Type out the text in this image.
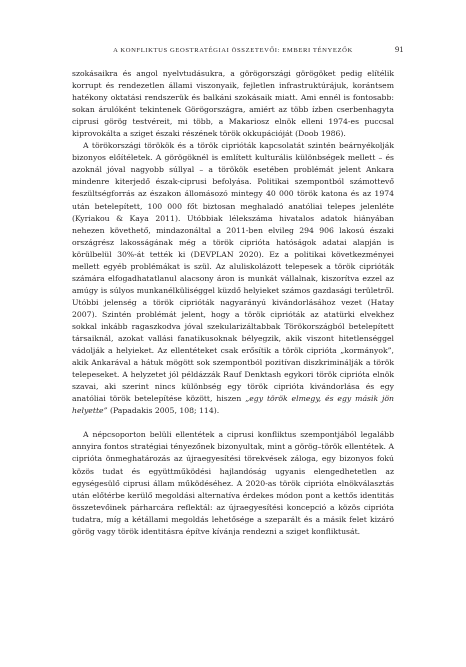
A KONFLIKTUS GEOSTRATÉGIAI ÖSSZETEVŐI: EMBERI TÉNYEZŐK	91

szokásaikra és angol nyelvtudásukra, a görögországi görögöket pedig elítélik korrupt és rendezetlen állami viszonyaik, fejletlen infrastruktúrájuk, korántsem hatékony oktatási rendszerük és balkáni szokásaik miatt. Ami ennél is fontosabb: sokan árulóként tekintenek Görögországra, amiért az több ízben cserbenhagyta ciprusi görög testvéreit, mi több, a Makariosz elnök elleni 1974-es puccsal kiprovokálta a sziget északi részének török okkupációját (Doob 1986).

A törökországi törökök és a török ciprióták kapcsolatát szintén beárnyékolják bizonyos előítéletek. A görögöknél is említett kulturális különbségek mellett – és azoknál jóval nagyobb súllyal – a törökök esetében problémát jelent Ankara mindenre kiterjedő észak-ciprusi befolyása. Politikai szempontból számottevő feszültségforrás az északon állomásozó mintegy 40 000 török katona és az 1974 után betelepített, 100 000 főt biztosan meghaladó anatóliai telepes jelenléte (Kyriakou & Kaya 2011). Utóbbiak lélekszáma hivatalos adatok hiányában nehezen követhető, mindazonáltal a 2011-ben elvileg 294 906 lakosú északi országrész lakosságának még a török ciprióta hatóságok adatai alapján is körülbelül 30%-át tették ki (DEVPLAN 2020). Ez a politikai következményei mellett egyéb problémákat is szül. Az aluliskolázott telepesek a török ciprióták számára elfogadhatatlanul alacsony áron is munkát vállalnak, kiszorítva ezzel az amúgy is súlyos munkanélküliséggel küzdő helyieket számos gazdasági területről. Utóbbi jelenség a török ciprióták nagyarányú kivándorlásához vezet (Hatay 2007). Szintén problémát jelent, hogy a török ciprióták az atatürki elvekhez sokkal inkább ragaszkodva jóval szekularizáltabbak Törökországból betelepített társaiknál, azokat vallási fanatikusoknak bélyegzik, akik viszont hitetlenséggel vádolják a helyieket. Az ellentéteket csak erősítik a török ciprióta „kormányok”, akik Ankarával a hátuk mögött sok szempontból pozitívan diszkriminálják a török telepeseket. A helyzetet jól példázzák Rauf Denktash egykori török ciprióta elnök szavai, aki szerint nincs különbség egy török ciprióta kivándorlása és egy anatóliai török betelepítése között, hiszen „egy török elmegy, és egy másik jön helyette” (Papadakis 2005, 108; 114).

A népcsoporton belüli ellentétek a ciprusi konfliktus szempontjából legalább annyira fontos stratégiai tényezőnek bizonyultak, mint a görög–török ellentétek. A ciprióta önmeghatározás az újraegyesítési törekvések záloga, egy bizonyos fokú közös tudat és együttműködési hajlandóság ugyanis elengedhetetlen az egységesülő ciprusi állam működéséhez. A 2020-as török ciprióta elnökválasztás után előtérbe kerülő megoldási alternatíva érdekes módon pont a kettős identitás összetevőinek párharcára reflektál: az újraegyesítési koncepció a közös ciprióta tudatra, míg a kétállami megoldás lehetősége a szeparált és a másik felet kizáró görög vagy török identitásra építve kívánja rendezni a sziget konfliktusát.
